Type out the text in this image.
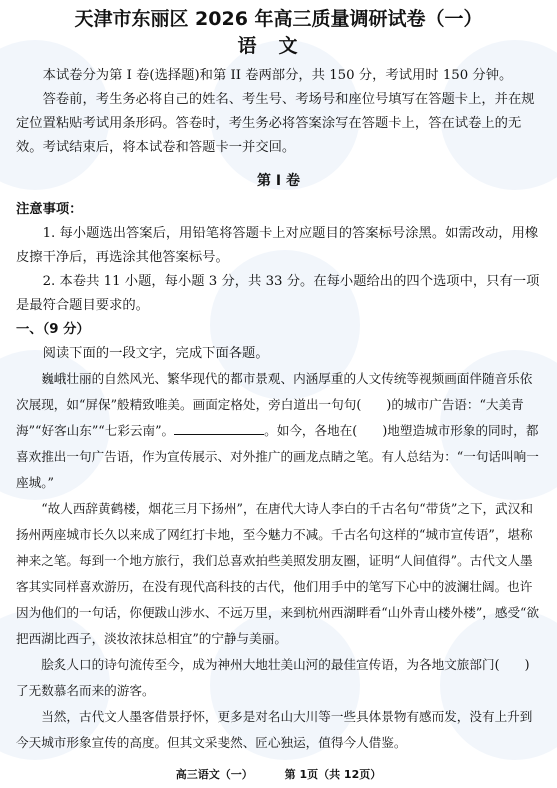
天津市东丽区 2026 年高三质量调研试卷（一）
语文

本试卷分为第 I 卷(选择题)和第 II 卷两部分，共 150 分，考试用时 150 分钟。

答卷前，考生务必将自己的姓名、考生号、考场号和座位号填写在答题卡上，并在规定位置粘贴考试用条形码。答卷时，考生务必将答案涂写在答题卡上，答在试卷上的无效。考试结束后，将本试卷和答题卡一并交回。

第 I 卷
注意事项：

1. 每小题选出答案后，用铅笔将答题卡上对应题目的答案标号涂黑。如需改动，用橡皮擦干净后，再选涂其他答案标号。

2. 本卷共 11 小题，每小题 3 分，共 33 分。在每小题给出的四个选项中，只有一项是最符合题目要求的。

一、（9 分）

阅读下面的一段文字，完成下面各题。

巍峨壮丽的自然风光、繁华现代的都市景观、内涵厚重的人文传统等视频画面伴随音乐依次展现，如“屏保”般精致唯美。画面定格处，旁白道出一句句(　　)的城市广告语：“大美青海”“好客山东”“七彩云南”。	。如今，各地在(　　)地塑造城市形象的同时，都喜欢推出一句广告语，作为宣传展示、对外推广的画龙点睛之笔。有人总结为：“一句话叫响一座城。”

“故人西辞黄鹤楼，烟花三月下扬州”，在唐代大诗人李白的千古名句“带货”之下，武汉和扬州两座城市长久以来成了网红打卡地，至今魅力不减。千古名句这样的“城市宣传语”，堪称神来之笔。每到一个地方旅行，我们总喜欢拍些美照发朋友圈，证明“人间值得”。古代文人墨客其实同样喜欢游历，在没有现代高科技的古代，他们用手中的笔写下心中的波澜壮阔。也许因为他们的一句话，你便跋山涉水、不远万里，来到杭州西湖畔看“山外青山楼外楼”，感受“欲把西湖比西子，淡妆浓抹总相宜”的宁静与美丽。

脍炙人口的诗句流传至今，成为神州大地壮美山河的最佳宣传语，为各地文旅部门(　　)了无数慕名而来的游客。

当然，古代文人墨客借景抒怀，更多是对名山大川等一些具体景物有感而发，没有上升到今天城市形象宣传的高度。但其文采斐然、匠心独运，值得今人借鉴。

高三语文（一）	第 1页（共 12页）
